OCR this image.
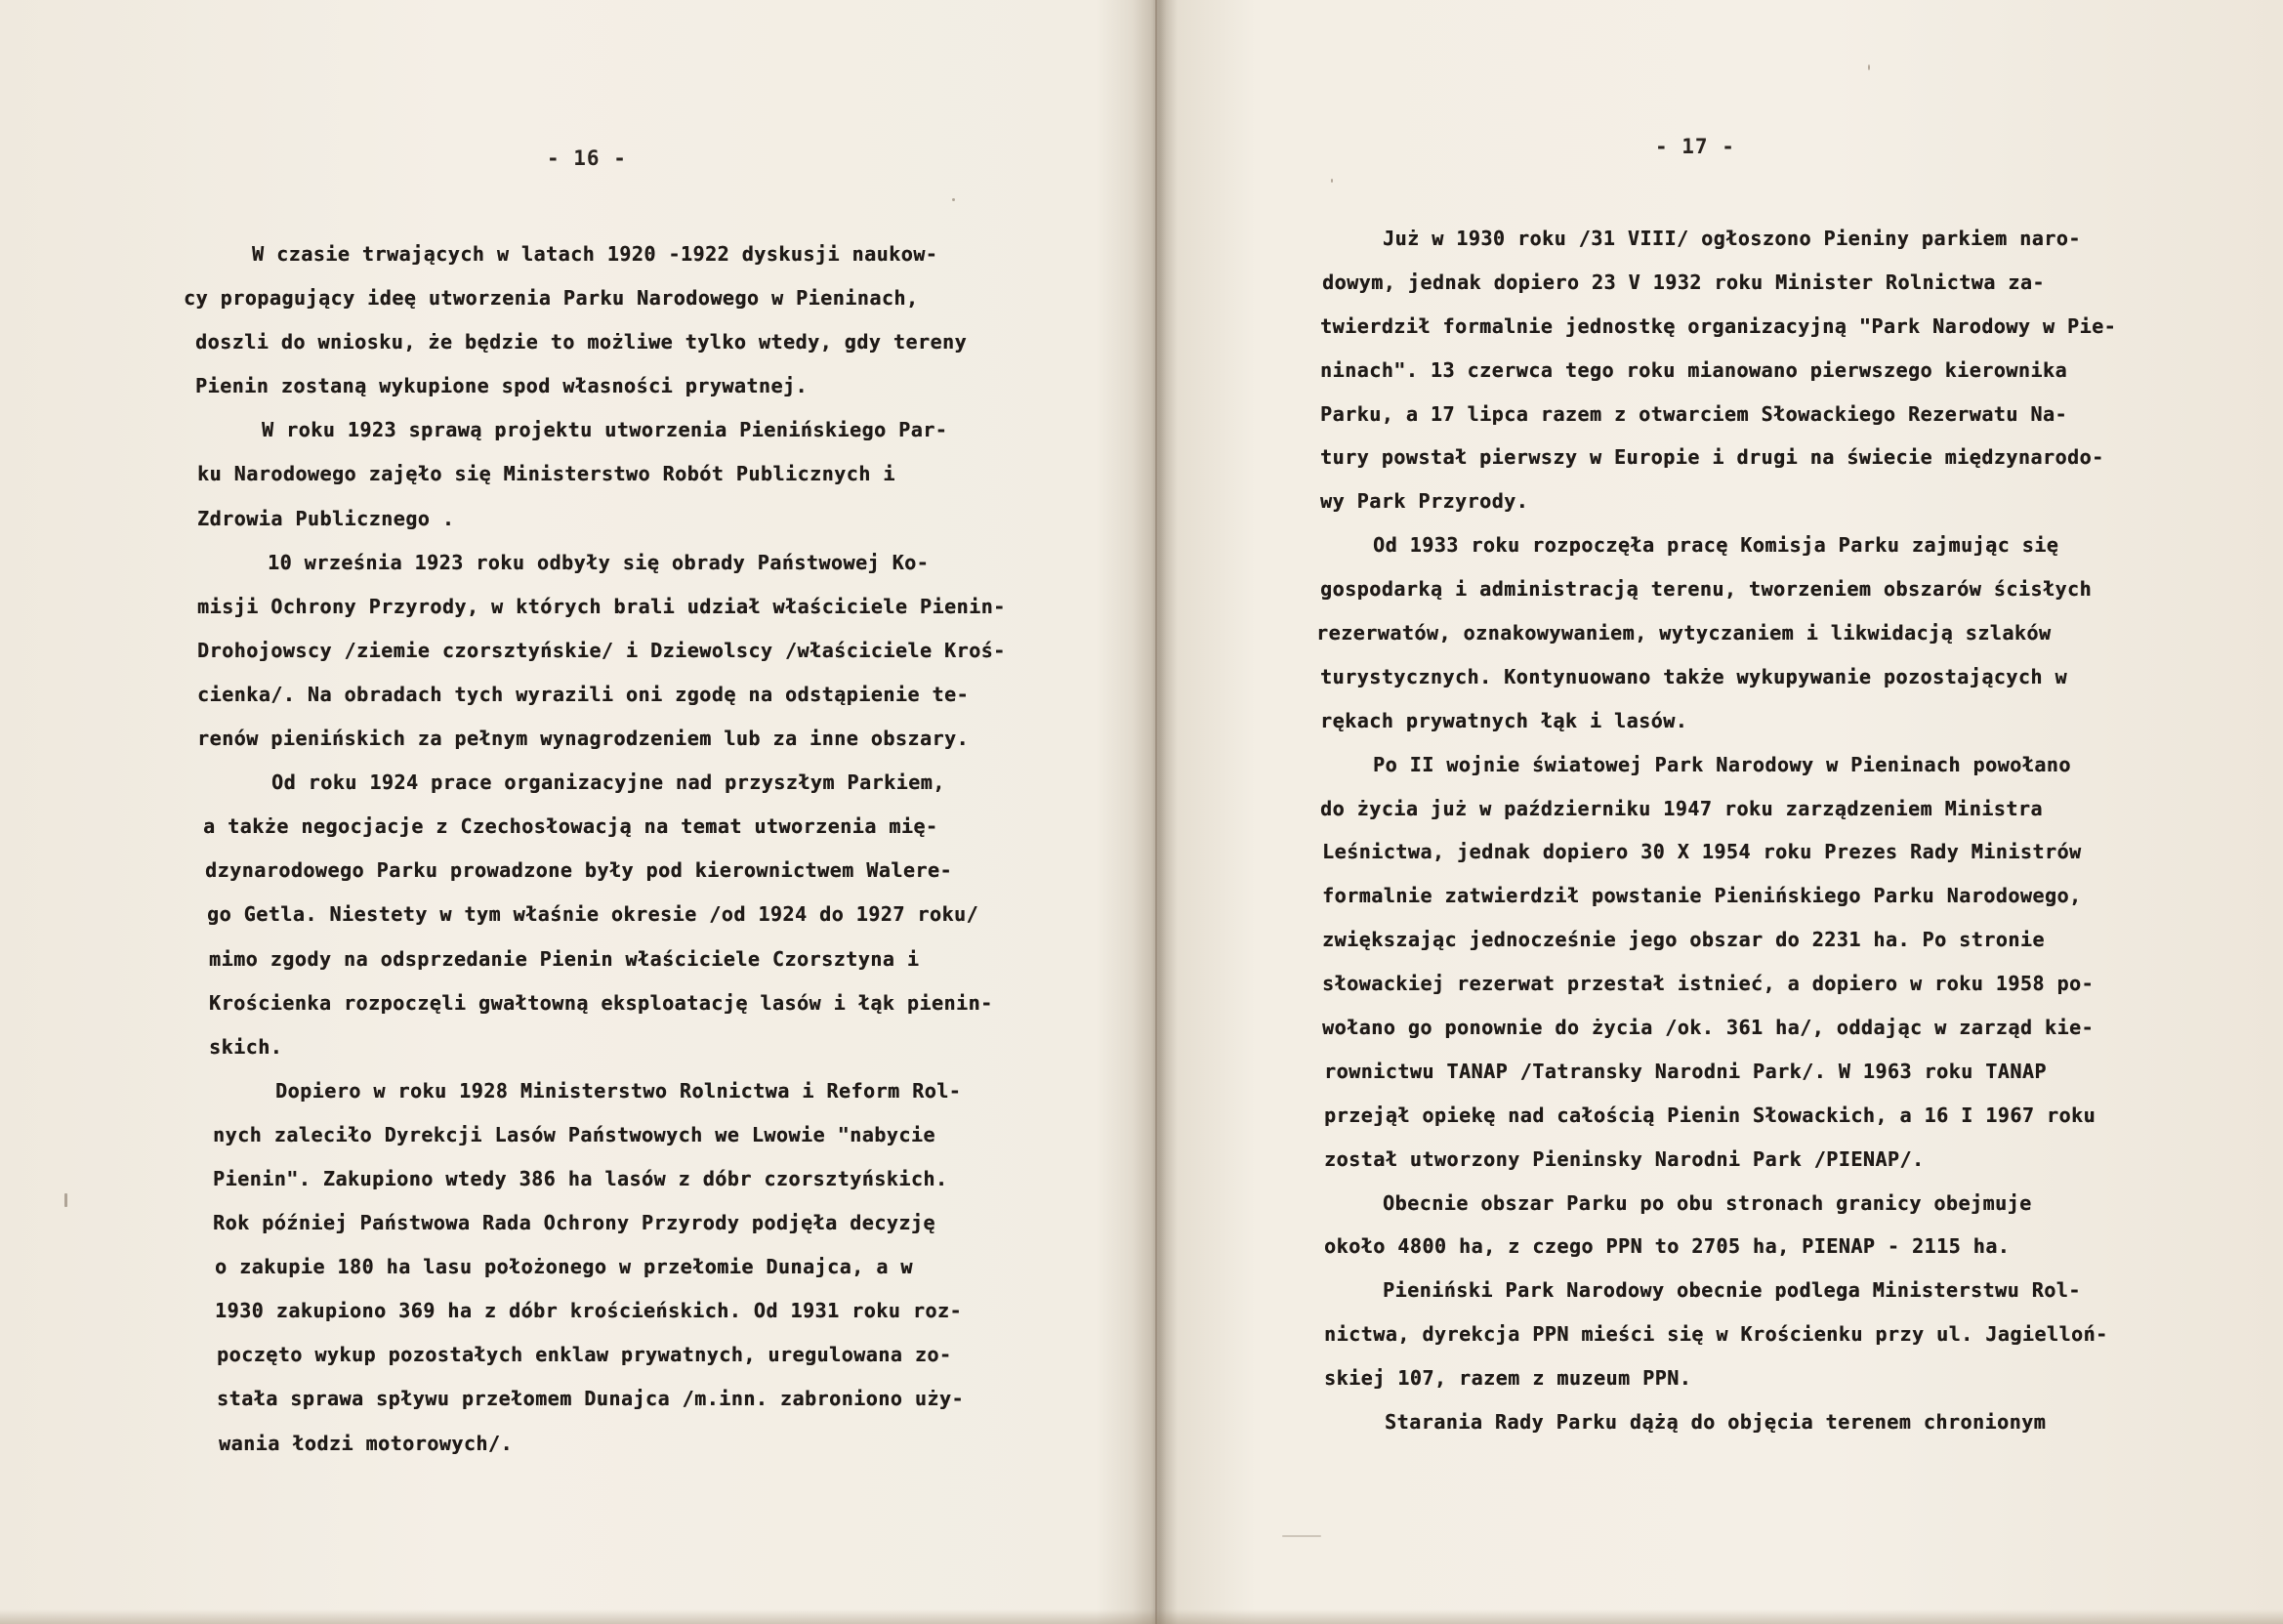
- 16 -
W czasie trwających w latach 1920 -1922 dyskusji naukow-
cy propagujący ideę utworzenia Parku Narodowego w Pieninach,
doszli do wniosku, że będzie to możliwe tylko wtedy, gdy tereny
Pienin zostaną wykupione spod własności prywatnej.
W roku 1923 sprawą projektu utworzenia Pienińskiego Par-
ku Narodowego zajęło się Ministerstwo Robót Publicznych i
Zdrowia Publicznego .
10 września 1923 roku odbyły się obrady Państwowej Ko-
misji Ochrony Przyrody, w których brali udział właściciele Pienin-
Drohojowscy /ziemie czorsztyńskie/ i Dziewolscy /właściciele Kroś-
cienka/. Na obradach tych wyrazili oni zgodę na odstąpienie te-
renów pienińskich za pełnym wynagrodzeniem lub za inne obszary.
Od roku 1924 prace organizacyjne nad przyszłym Parkiem,
a także negocjacje z Czechosłowacją na temat utworzenia mię-
dzynarodowego Parku prowadzone były pod kierownictwem Walere-
go Getla. Niestety w tym właśnie okresie /od 1924 do 1927 roku/
mimo zgody na odsprzedanie Pienin właściciele Czorsztyna i
Krościenka rozpoczęli gwałtowną eksploatację lasów i łąk pienin-
skich.
Dopiero w roku 1928 Ministerstwo Rolnictwa i Reform Rol-
nych zaleciło Dyrekcji Lasów Państwowych we Lwowie "nabycie
Pienin". Zakupiono wtedy 386 ha lasów z dóbr czorsztyńskich.
Rok później Państwowa Rada Ochrony Przyrody podjęła decyzję
o zakupie 180 ha lasu położonego w przełomie Dunajca, a w
1930 zakupiono 369 ha z dóbr krościeńskich. Od 1931 roku roz-
poczęto wykup pozostałych enklaw prywatnych, uregulowana zo-
stała sprawa spływu przełomem Dunajca /m.inn. zabroniono uży-
wania łodzi motorowych/.
- 17 -
Już w 1930 roku /31 VIII/ ogłoszono Pieniny parkiem naro-
dowym, jednak dopiero 23 V 1932 roku Minister Rolnictwa za-
twierdził formalnie jednostkę organizacyjną "Park Narodowy w Pie-
ninach". 13 czerwca tego roku mianowano pierwszego kierownika
Parku, a 17 lipca razem z otwarciem Słowackiego Rezerwatu Na-
tury powstał pierwszy w Europie i drugi na świecie międzynarodo-
wy Park Przyrody.
Od 1933 roku rozpoczęła pracę Komisja Parku zajmując się
gospodarką i administracją terenu, tworzeniem obszarów ścisłych
rezerwatów, oznakowywaniem, wytyczaniem i likwidacją szlaków
turystycznych. Kontynuowano także wykupywanie pozostających w
rękach prywatnych łąk i lasów.
Po II wojnie światowej Park Narodowy w Pieninach powołano
do życia już w październiku 1947 roku zarządzeniem Ministra
Leśnictwa, jednak dopiero 30 X 1954 roku Prezes Rady Ministrów
formalnie zatwierdził powstanie Pienińskiego Parku Narodowego,
zwiększając jednocześnie jego obszar do 2231 ha. Po stronie
słowackiej rezerwat przestał istnieć, a dopiero w roku 1958 po-
wołano go ponownie do życia /ok. 361 ha/, oddając w zarząd kie-
rownictwu TANAP /Tatransky Narodni Park/. W 1963 roku TANAP
przejął opiekę nad całością Pienin Słowackich, a 16 I 1967 roku
został utworzony Pieninsky Narodni Park /PIENAP/.
Obecnie obszar Parku po obu stronach granicy obejmuje
około 4800 ha, z czego PPN to 2705 ha, PIENAP - 2115 ha.
Pieniński Park Narodowy obecnie podlega Ministerstwu Rol-
nictwa, dyrekcja PPN mieści się w Krościenku przy ul. Jagielloń-
skiej 107, razem z muzeum PPN.
Starania Rady Parku dążą do objęcia terenem chronionym
